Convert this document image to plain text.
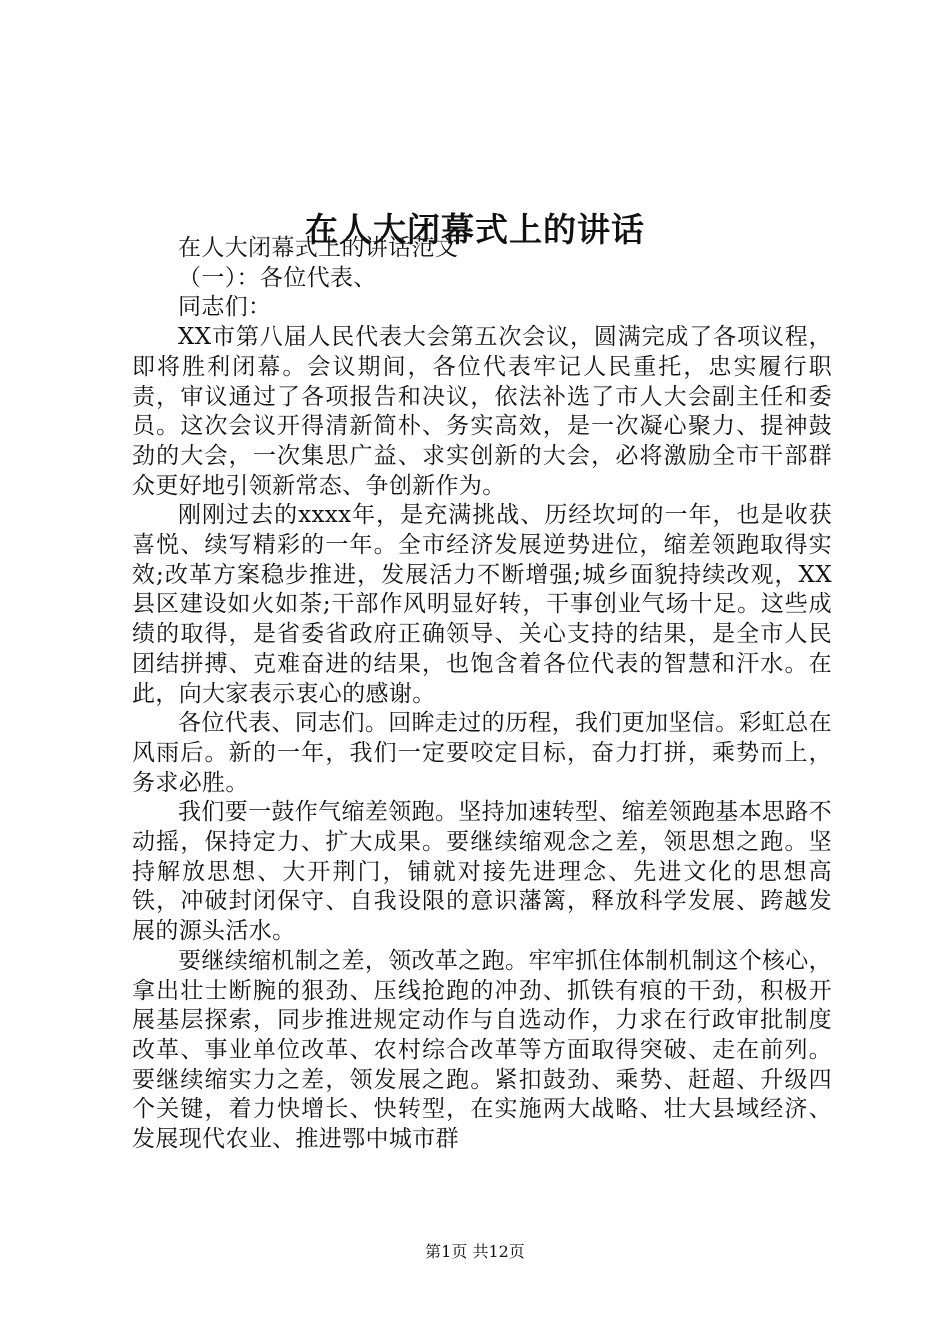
在人大闭幕式上的讲话

在人大闭幕式上的讲话范文

（一）：各位代表、

同志们：

XX市第八届人民代表大会第五次会议，圆满完成了各项议程，即将胜利闭幕。会议期间，各位代表牢记人民重托，忠实履行职责，审议通过了各项报告和决议，依法补选了市人大会副主任和委员。这次会议开得清新简朴、务实高效，是一次凝心聚力、提神鼓劲的大会，一次集思广益、求实创新的大会，必将激励全市干部群众更好地引领新常态、争创新作为。

刚刚过去的xxxx年，是充满挑战、历经坎坷的一年，也是收获喜悦、续写精彩的一年。全市经济发展逆势进位，缩差领跑取得实效;改革方案稳步推进，发展活力不断增强;城乡面貌持续改观，XX县区建设如火如荼;干部作风明显好转，干事创业气场十足。这些成绩的取得，是省委省政府正确领导、关心支持的结果，是全市人民团结拼搏、克难奋进的结果，也饱含着各位代表的智慧和汗水。在此，向大家表示衷心的感谢。

各位代表、同志们。回眸走过的历程，我们更加坚信。彩虹总在风雨后。新的一年，我们一定要咬定目标，奋力打拼，乘势而上，务求必胜。

我们要一鼓作气缩差领跑。坚持加速转型、缩差领跑基本思路不动摇，保持定力、扩大成果。要继续缩观念之差，领思想之跑。坚持解放思想、大开荆门，铺就对接先进理念、先进文化的思想高铁，冲破封闭保守、自我设限的意识藩篱，释放科学发展、跨越发展的源头活水。

要继续缩机制之差，领改革之跑。牢牢抓住体制机制这个核心，拿出壮士断腕的狠劲、压线抢跑的冲劲、抓铁有痕的干劲，积极开展基层探索，同步推进规定动作与自选动作，力求在行政审批制度改革、事业单位改革、农村综合改革等方面取得突破、走在前列。要继续缩实力之差，领发展之跑。紧扣鼓劲、乘势、赶超、升级四个关键，着力快增长、快转型，在实施两大战略、壮大县域经济、发展现代农业、推进鄂中城市群

第1页 共12页
